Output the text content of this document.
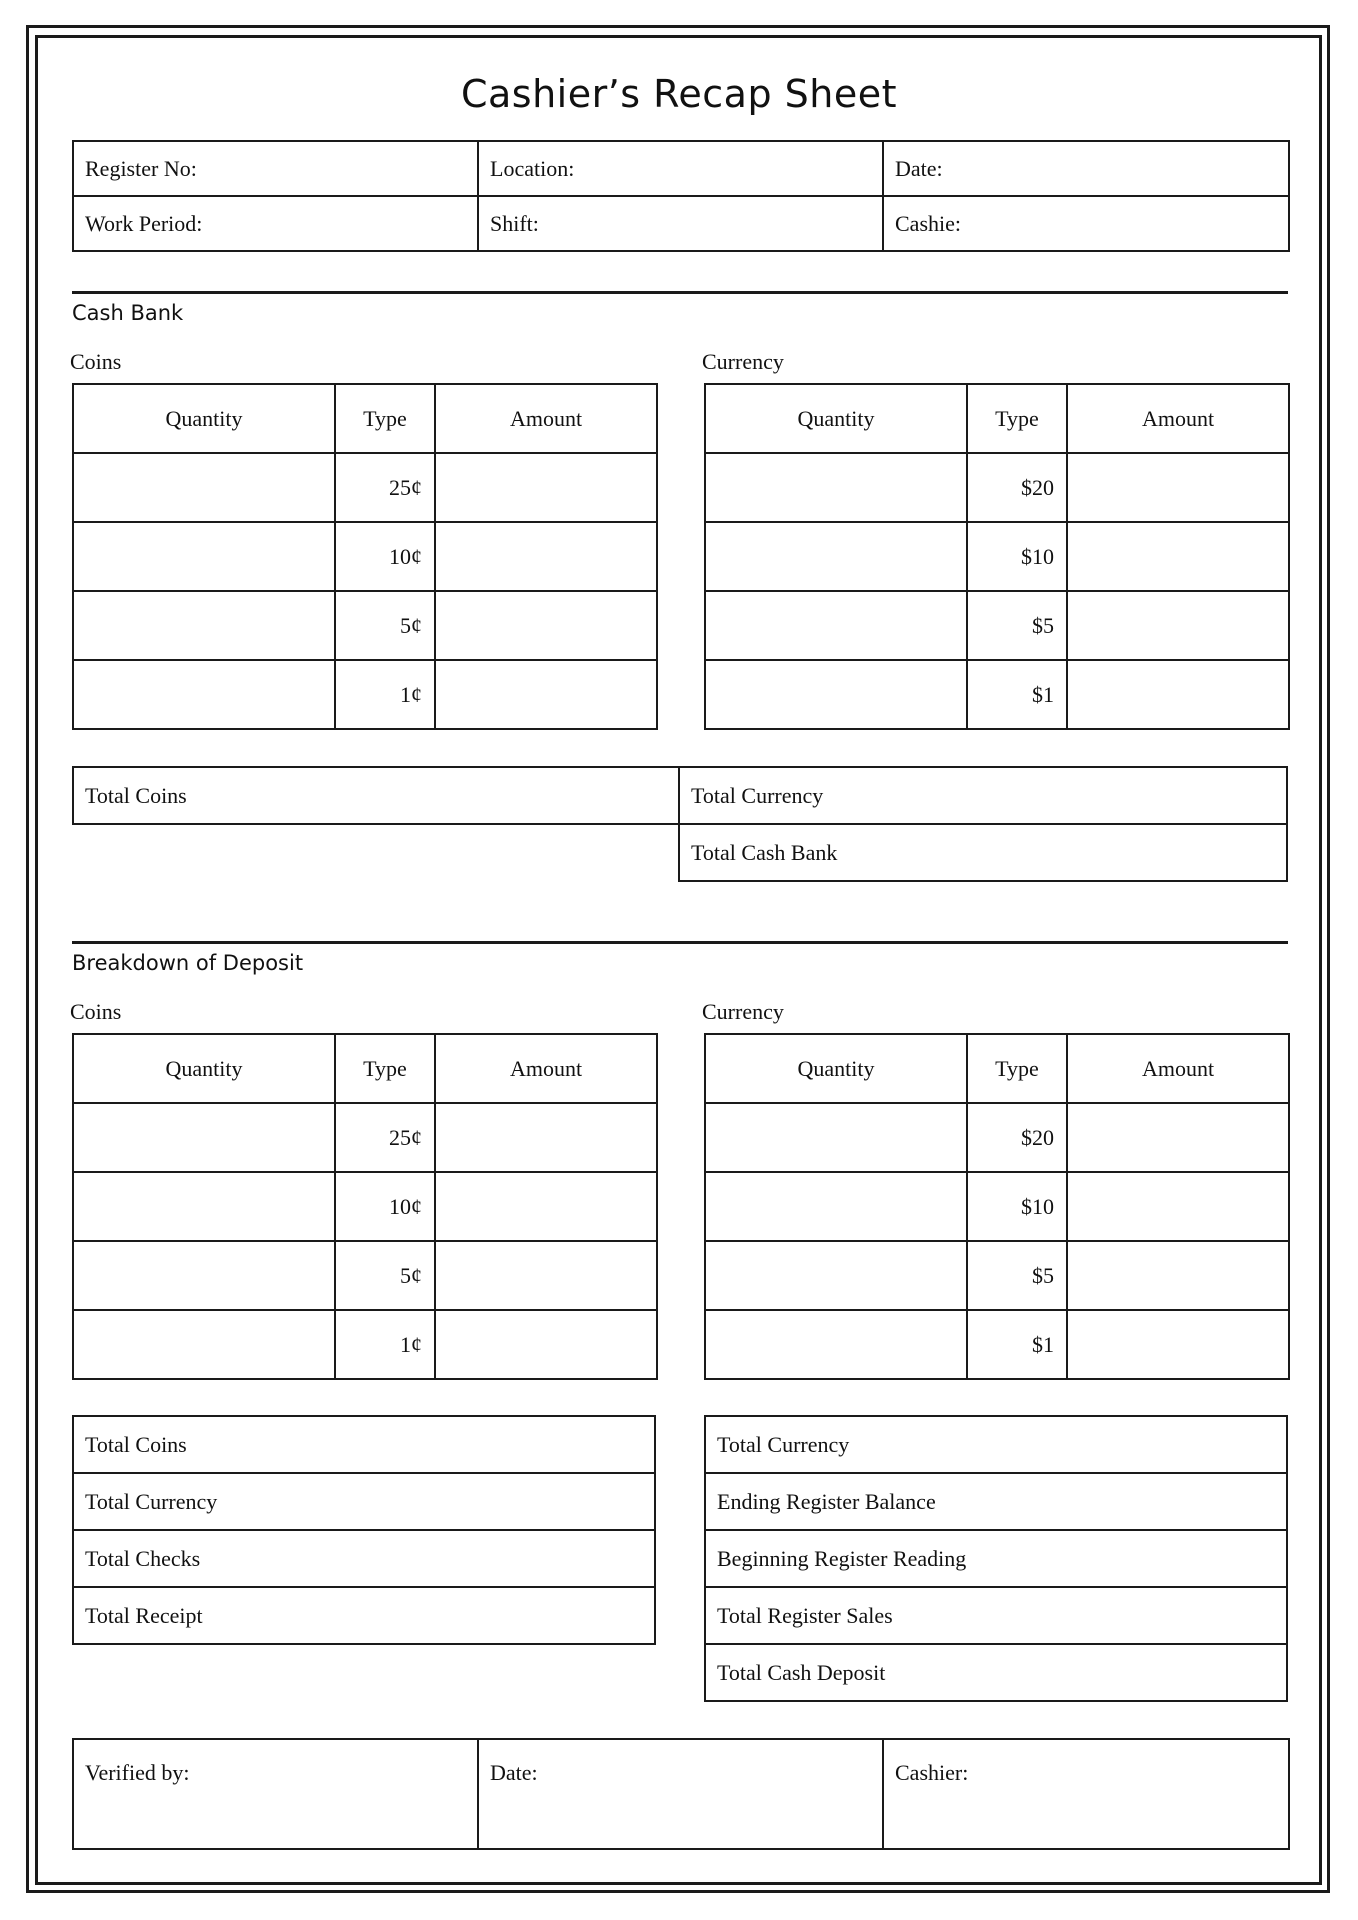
Cashier’s Recap Sheet
Register No:	Location:	Date:
Work Period:	Shift:	Cashie:
Cash Bank
Coins	Currency
Quantity	Type	Amount
	25¢	
	10¢	
	5¢	
	1¢	
Quantity	Type	Amount
	$20	
	$10	
	$5	
	$1	
Total Coins	Total Currency
Total Cash Bank
Breakdown of Deposit
Coins	Currency
Quantity	Type	Amount
	25¢	
	10¢	
	5¢	
	1¢	
Quantity	Type	Amount
	$20	
	$10	
	$5	
	$1	
Total Coins
Total Currency
Total Checks
Total Receipt
Total Currency
Ending Register Balance
Beginning Register Reading
Total Register Sales
Total Cash Deposit
Verified by:	Date:	Cashier:
